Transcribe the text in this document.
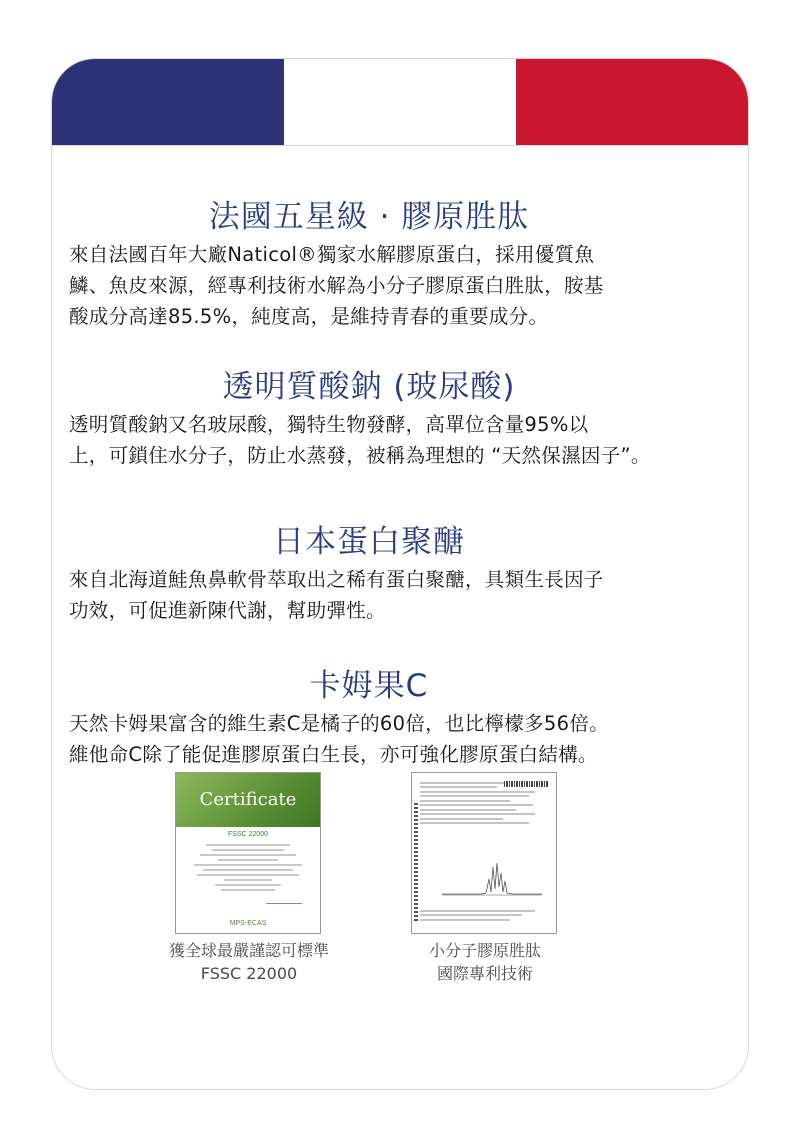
法國五星級 · 膠原胜肽

來自法國百年大廠Naticol®獨家水解膠原蛋白，採用優質魚
鱗、魚皮來源，經專利技術水解為小分子膠原蛋白胜肽，胺基
酸成分高達85.5%，純度高，是維持青春的重要成分。

透明質酸鈉 (玻尿酸)

透明質酸鈉又名玻尿酸，獨特生物發酵，高單位含量95%以
上，可鎖住水分子，防止水蒸發，被稱為理想的 “天然保濕因子”。

日本蛋白聚醣

來自北海道鮭魚鼻軟骨萃取出之稀有蛋白聚醣，具類生長因子
功效，可促進新陳代謝，幫助彈性。

卡姆果C

天然卡姆果富含的維生素C是橘子的60倍，也比檸檬多56倍。
維他命C除了能促進膠原蛋白生長，亦可強化膠原蛋白結構。

Certificate
FSSC 22000
MPS-ECAS
獲全球最嚴謹認可標準
FSSC 22000
小分子膠原胜肽
國際專利技術
